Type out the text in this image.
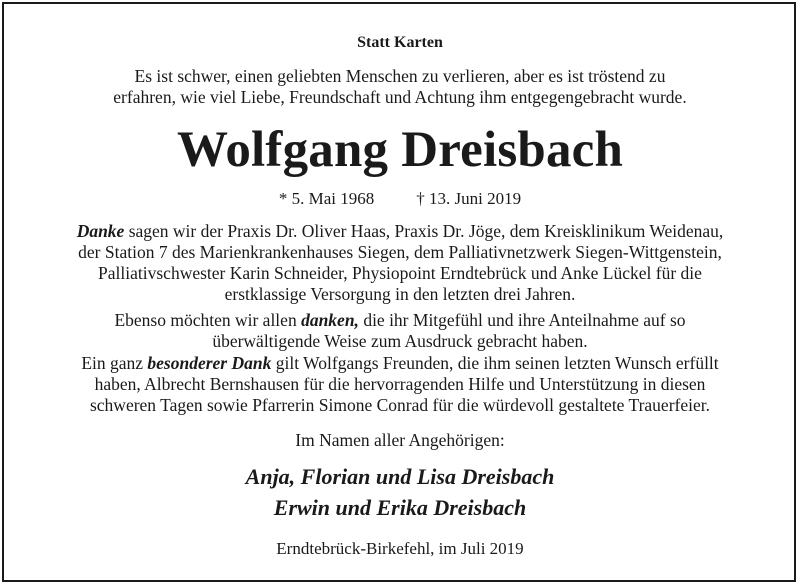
Statt Karten
Es ist schwer, einen geliebten Menschen zu verlieren, aber es ist tröstend zu
erfahren, wie viel Liebe, Freundschaft und Achtung ihm entgegengebracht wurde.
Wolfgang Dreisbach
* 5. Mai 1968 † 13. Juni 2019
Danke sagen wir der Praxis Dr. Oliver Haas, Praxis Dr. Jöge, dem Kreisklinikum Weidenau,
der Station 7 des Marienkrankenhauses Siegen, dem Palliativnetzwerk Siegen-Wittgenstein,
Palliativschwester Karin Schneider, Physiopoint Erndtebrück und Anke Lückel für die
erstklassige Versorgung in den letzten drei Jahren.
Ebenso möchten wir allen danken, die ihr Mitgefühl und ihre Anteilnahme auf so
überwältigende Weise zum Ausdruck gebracht haben.
Ein ganz besonderer Dank gilt Wolfgangs Freunden, die ihm seinen letzten Wunsch erfüllt
haben, Albrecht Bernshausen für die hervorragenden Hilfe und Unterstützung in diesen
schweren Tagen sowie Pfarrerin Simone Conrad für die würdevoll gestaltete Trauerfeier.
Im Namen aller Angehörigen:
Anja, Florian und Lisa Dreisbach
Erwin und Erika Dreisbach
Erndtebrück-Birkefehl, im Juli 2019
